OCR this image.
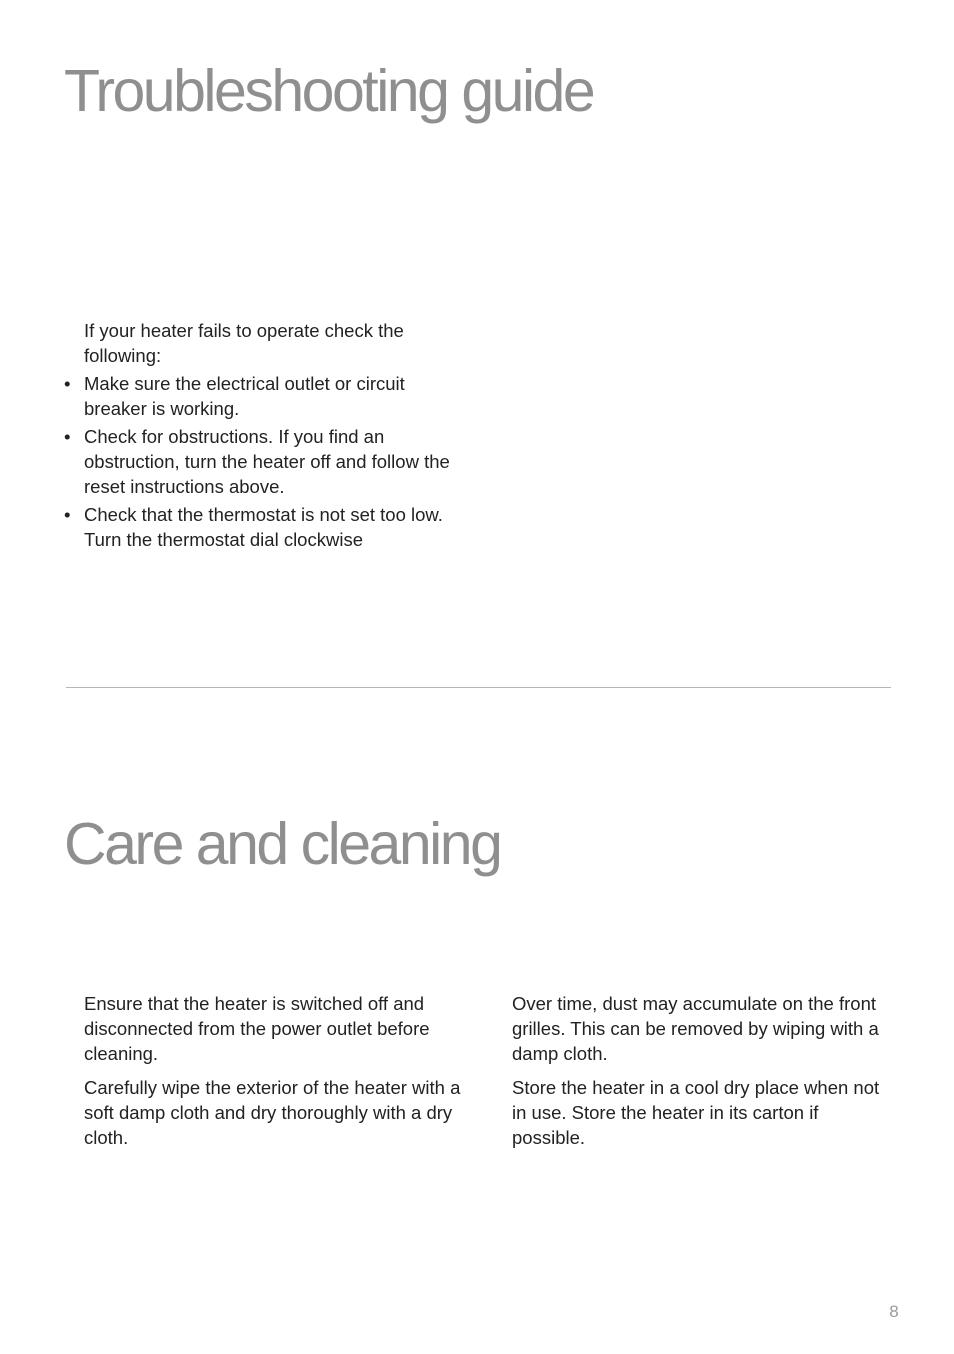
Troubleshooting guide

If your heater fails to operate check the following:

• Make sure the electrical outlet or circuit breaker is working.
• Check for obstructions. If you find an obstruction, turn the heater off and follow the reset instructions above.
• Check that the thermostat is not set too low. Turn the thermostat dial clockwise
Care and cleaning

Ensure that the heater is switched off and disconnected from the power outlet before cleaning.

Carefully wipe the exterior of the heater with a soft damp cloth and dry thoroughly with a dry cloth.

Over time, dust may accumulate on the front grilles. This can be removed by wiping with a damp cloth.

Store the heater in a cool dry place when not in use. Store the heater in its carton if possible.

8
